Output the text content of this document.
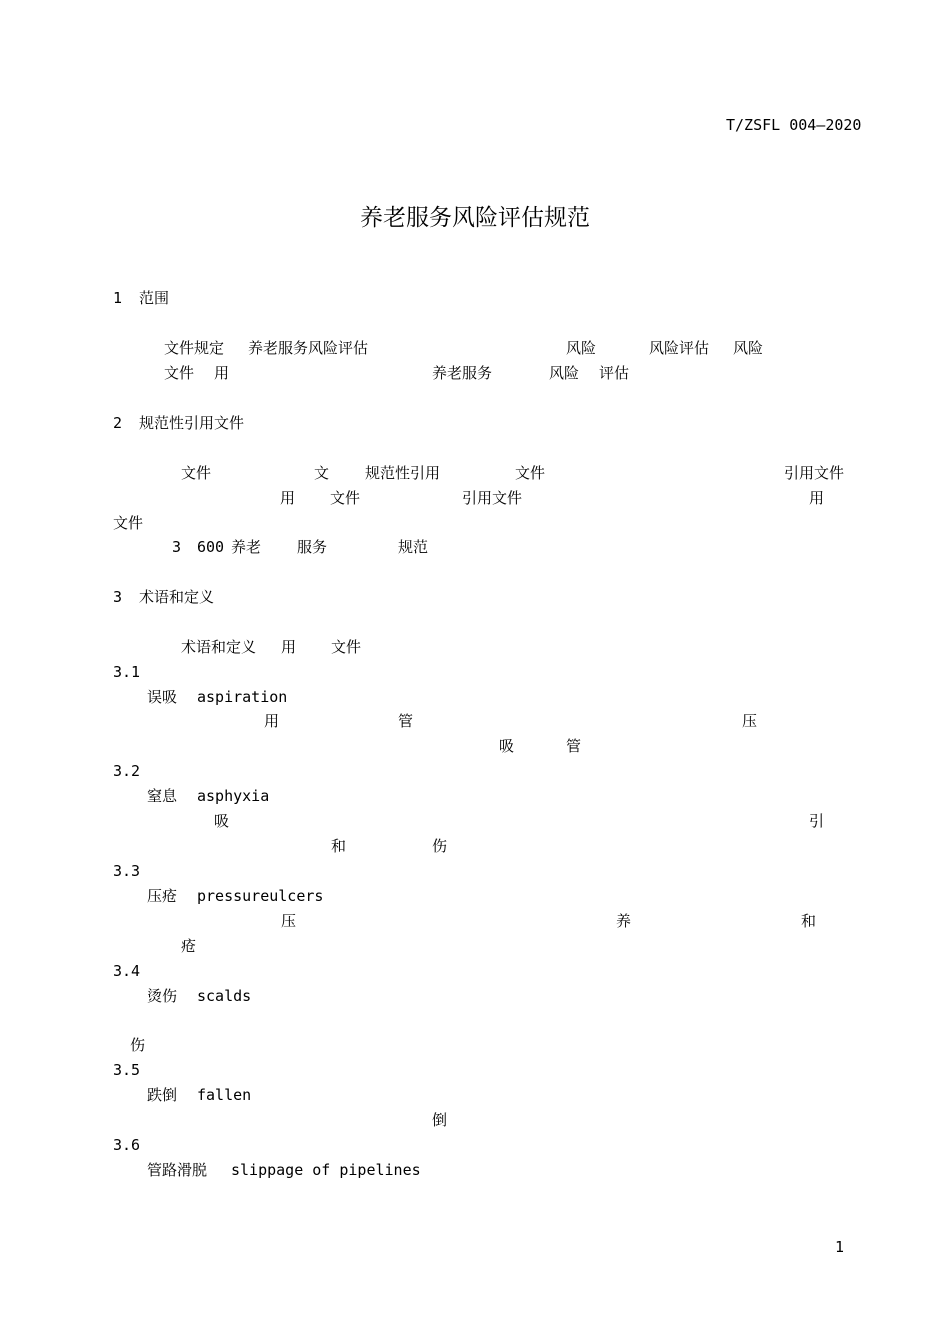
T/ZSFL 004—2020
养老服务风险评估规范
1 范围
文件规定 养老服务风险评估	风险	风险评估 风险
文件 用	养老服务	风险 评估
2 规范性引用文件
文件	文 规范性引用	文件	引用文件
用 文件	引用文件	用
文件
3 600 养老 服务	规范
3 术语和定义
术语和定义 用 文件
3.1
误吸 aspiration
用	管	压
吸	管
3.2
窒息 asphyxia
吸	引
和	伤
3.3
压疮 pressureulcers
压	养	和
疮
3.4
烫伤 scalds
伤
3.5
跌倒 fallen
倒
3.6
管路滑脱 slippage of pipelines
1
